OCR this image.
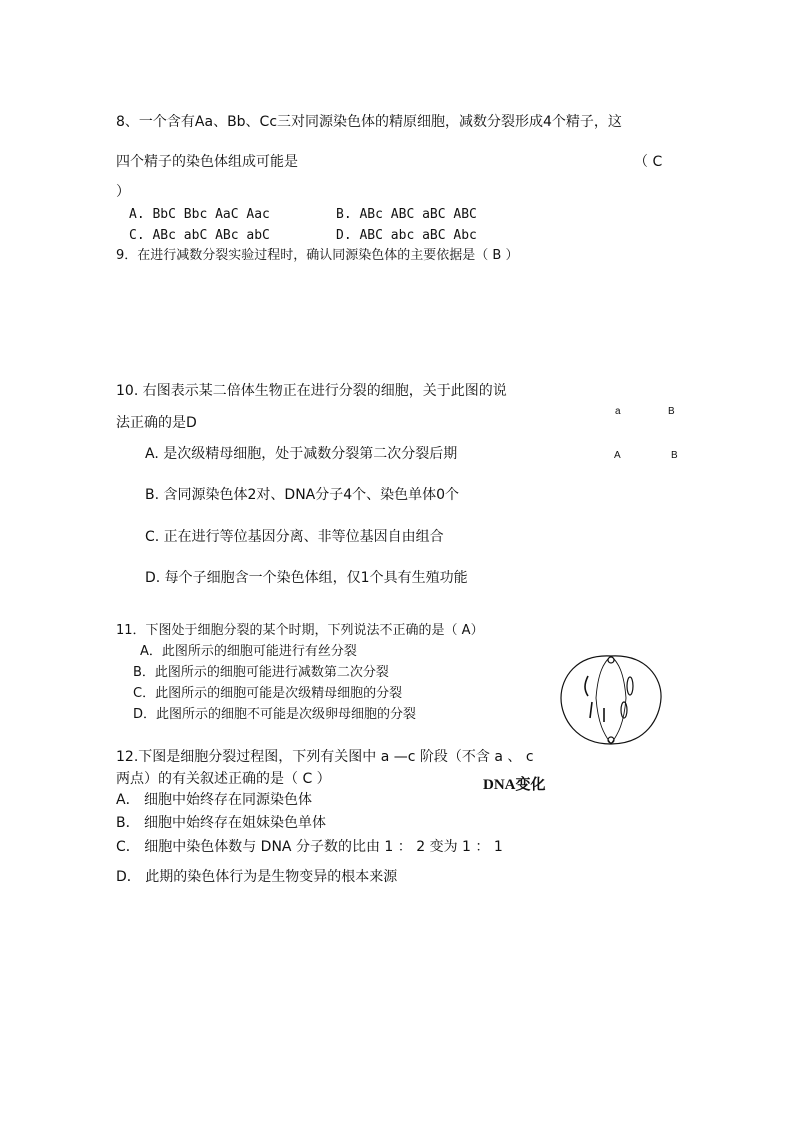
8、一个含有Aa、Bb、Cc三对同源染色体的精原细胞，减数分裂形成4个精子，这
四个精子的染色体组成可能是	（ C
）
A. BbC Bbc AaC Aac	B. ABc ABC aBC ABC
C. ABc abC ABc abC	D. ABC abc aBC Abc
9．在进行减数分裂实验过程时，确认同源染色体的主要依据是（ B ）
10. 右图表示某二倍体生物正在进行分裂的细胞，关于此图的说
法正确的是D
A. 是次级精母细胞，处于减数分裂第二次分裂后期
B. 含同源染色体2对、DNA分子4个、染色单体0个
C. 正在进行等位基因分离、非等位基因自由组合
D. 每个子细胞含一个染色体组，仅1个具有生殖功能
a	B
A	B
11．下图处于细胞分裂的某个时期，下列说法不正确的是（ A）
A．此图所示的细胞可能进行有丝分裂
B．此图所示的细胞可能进行减数第二次分裂
C．此图所示的细胞可能是次级精母细胞的分裂
D．此图所示的细胞不可能是次级卵母细胞的分裂
12.下图是细胞分裂过程图，下列有关图中 a —c 阶段（不含 a 、 c
两点）的有关叙述正确的是（ C ）	DNA变化
A． 细胞中始终存在同源染色体
B． 细胞中始终存在姐妹染色单体
C． 细胞中染色体数与 DNA 分子数的比由 1 ： 2 变为 1 ： 1
D． 此期的染色体行为是生物变异的根本来源
